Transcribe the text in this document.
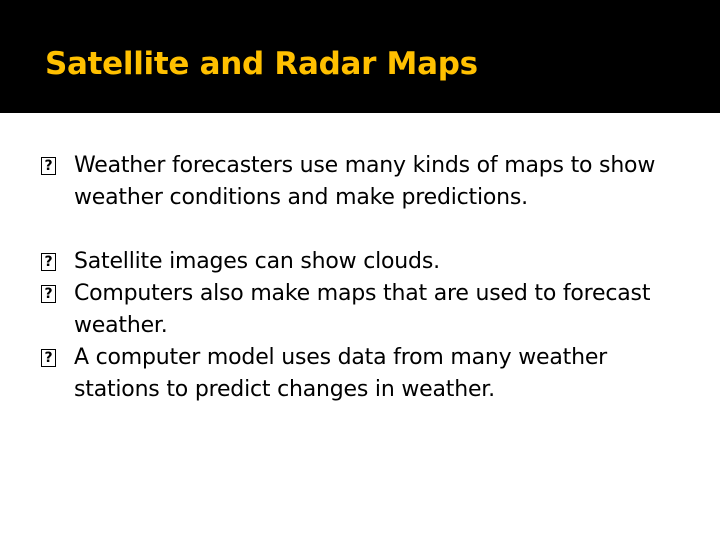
Satellite and Radar Maps

? Weather forecasters use many kinds of maps to show weather conditions and make predictions.

? Satellite images can show clouds.

? Computers also make maps that are used to forecast weather.

? A computer model uses data from many weather stations to predict changes in weather.
